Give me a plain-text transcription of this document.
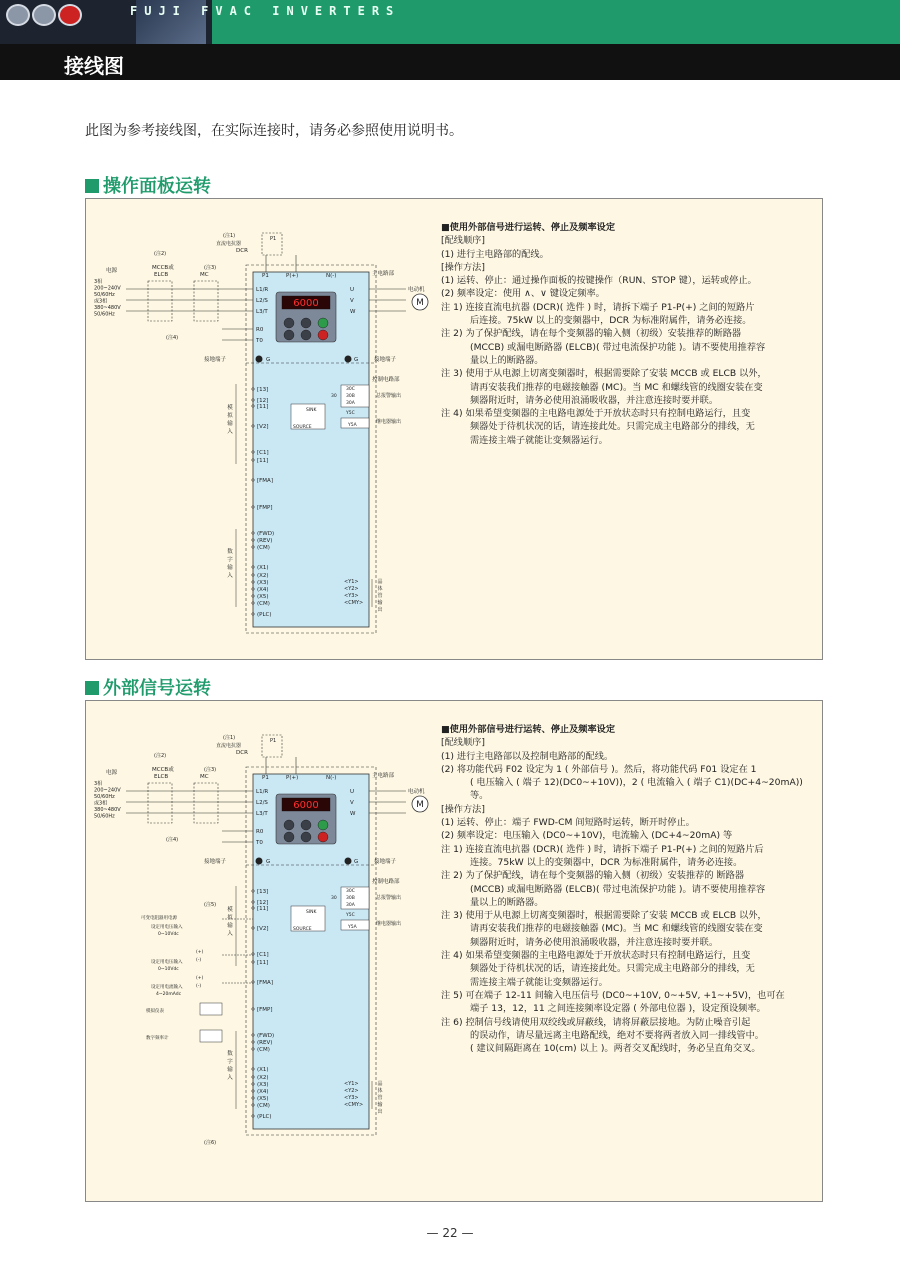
FUJI FVAC INVERTERS
接线图
此图为参考接线图，在实际连接时，请务必参照使用说明书。
操作面板运转
(注1)
直流电抗器
DCR
P1
P1	P(+)	N(-)
电源
3相
200~240V
50/60Hz
或3相
380~480V
50/60Hz
(注2)
MCCB或
ELCB
(注3)
MC
L1/R
L2/S
L3/T
R0
T0
(注4)
主电路部
U
V
W
电动机
M
6000
G	G
接地端子	接地端子
控制电路部
30C
30B
30A
30	总报警输出
Y5C
Y5A
继电器输出
SINK
SOURCE
[13]
[12]
[11]
[V2]
[C1]
[11]
[FMA]
[FMP]
(FWD)
(REV)
(CM)
(X1)
(X2)
(X3)
(X4)
(X5)
(CM)
(PLC)
模
拟
输
入
数
字
输
入
<Y1>
<Y2>
<Y3>
<CMY>
晶
体
管
输
出
■使用外部信号进行运转、停止及频率设定
[配线顺序]
(1) 进行主电路部的配线。
[操作方法]
(1) 运转、停止：通过操作面板的按键操作（RUN、STOP 键），运转或停止。
(2) 频率设定：使用 ∧、∨ 键设定频率。
注 1) 连接直流电抗器 (DCR)( 选件 ) 时，请拆下端子 P1-P(+) 之间的短路片
后连接。75kW 以上的变频器中，DCR 为标准附属件，请务必连接。
注 2) 为了保护配线，请在每个变频器的输入侧（初级）安装推荐的断路器
(MCCB) 或漏电断路器 (ELCB)( 带过电流保护功能 )。请不要使用推荐容
量以上的断路器。
注 3) 使用于从电源上切离变频器时，根据需要除了安装 MCCB 或 ELCB 以外，
请再安装我们推荐的电磁接触器 (MC)。当 MC 和螺线管的线圈安装在变
频器附近时，请务必使用浪涌吸收器，并注意连接时要并联。
注 4) 如果希望变频器的主电路电源处于开放状态时只有控制电路运行，且变
频器处于待机状况的话，请连接此处。只需完成主电路部分的排线，无
需连接主端子就能让变频器运行。
外部信号运转
(注1)
直流电抗器
DCR
P1
P1	P(+)	N(-)
电源
3相
200~240V
50/60Hz
或3相
380~480V
50/60Hz
(注2)
MCCB或
ELCB
(注3)
MC
L1/R
L2/S
L3/T
R0
T0
(注4)
主电路部
U
V
W
电动机
M
6000
G	G
接地端子	接地端子
控制电路部
30C
30B
30A
30	总报警输出
Y5C
Y5A
继电器输出
SINK
SOURCE
[13]
[12]
[11]
[V2]
[C1]
[11]
[FMA]
[FMP]
(FWD)
(REV)
(CM)
(X1)
(X2)
(X3)
(X4)
(X5)
(CM)
(PLC)
模
拟
输
入
数
字
输
入
<Y1>
<Y2>
<Y3>
<CMY>
晶
体
管
输
出
(注5)
可变电阻器用电源
设定用电压输入
0~10Vdc
设定用电压输入
0~10Vdc
设定用电流输入
4~20mAdc
(+)
(-)
(+)
(-)
模拟仪表
数字频率计
(注6)
■使用外部信号进行运转、停止及频率设定
[配线顺序]
(1) 进行主电路部以及控制电路部的配线。
(2) 将功能代码 F02 设定为 1 ( 外部信号 )。然后，将功能代码 F01 设定在 1
( 电压输入 ( 端子 12)(DC0~+10V))，2 ( 电流输入 ( 端子 C1)(DC+4~20mA))
等。
[操作方法]
(1) 运转、停止：端子 FWD-CM 间短路时运转，断开时停止。
(2) 频率设定：电压输入 (DC0~+10V)，电流输入 (DC+4~20mA) 等
注 1) 连接直流电抗器 (DCR)( 选件 ) 时，请拆下端子 P1-P(+) 之间的短路片后
连接。75kW 以上的变频器中，DCR 为标准附属件，请务必连接。
注 2) 为了保护配线，请在每个变频器的输入侧（初级）安装推荐的 断路器
(MCCB) 或漏电断路器 (ELCB)( 带过电流保护功能 )。请不要使用推荐容
量以上的断路器。
注 3) 使用于从电源上切离变频器时，根据需要除了安装 MCCB 或 ELCB 以外，
请再安装我们推荐的电磁接触器 (MC)。当 MC 和螺线管的线圈安装在变
频器附近时，请务必使用浪涌吸收器，并注意连接时要并联。
注 4) 如果希望变频器的主电路电源处于开放状态时只有控制电路运行，且变
频器处于待机状况的话，请连接此处。只需完成主电路部分的排线，无
需连接主端子就能让变频器运行。
注 5) 可在端子 12-11 间输入电压信号 (DC0~+10V, 0~+5V, +1~+5V)，也可在
端子 13，12，11 之间连接频率设定器 ( 外部电位器 )，设定预设频率。
注 6) 控制信号线请使用双绞线或屏蔽线，请将屏蔽层接地。为防止噪音引起
的误动作，请尽量远离主电路配线，绝对不要将两者放入同一排线管中。
( 建议间隔距离在 10(cm) 以上 )。两者交叉配线时，务必呈直角交叉。
— 22 —
